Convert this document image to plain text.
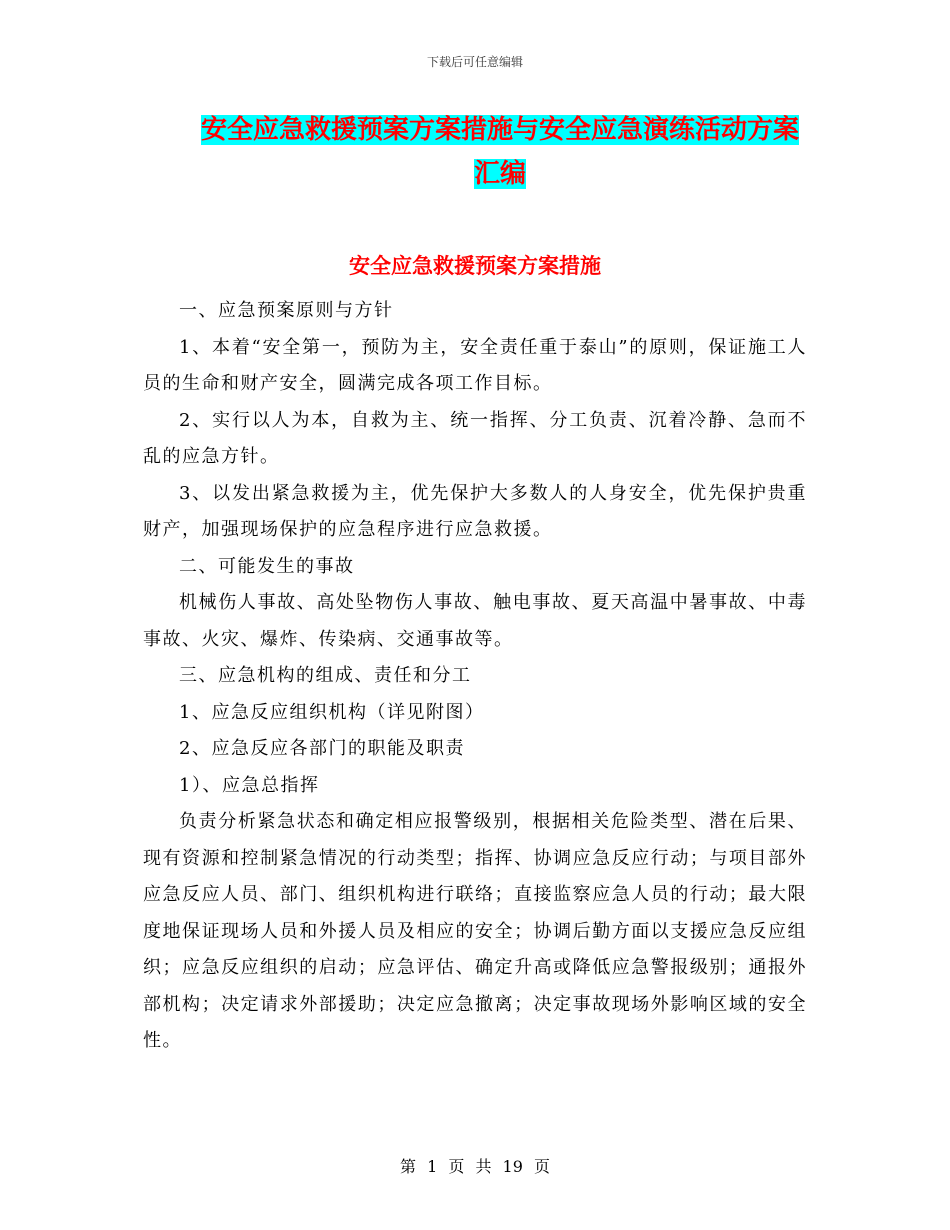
下载后可任意编辑
安全应急救援预案方案措施与安全应急演练活动方案
汇编
安全应急救援预案方案措施

一、应急预案原则与方针

1、本着“安全第一，预防为主，安全责任重于泰山”的原则，保证施工人员的生命和财产安全，圆满完成各项工作目标。

2、实行以人为本，自救为主、统一指挥、分工负责、沉着冷静、急而不乱的应急方针。

3、以发出紧急救援为主，优先保护大多数人的人身安全，优先保护贵重财产，加强现场保护的应急程序进行应急救援。

二、可能发生的事故

机械伤人事故、高处坠物伤人事故、触电事故、夏天高温中暑事故、中毒事故、火灾、爆炸、传染病、交通事故等。

三、应急机构的组成、责任和分工

1、应急反应组织机构（详见附图）

2、应急反应各部门的职能及职责

1）、应急总指挥

负责分析紧急状态和确定相应报警级别，根据相关危险类型、潜在后果、现有资源和控制紧急情况的行动类型；指挥、协调应急反应行动；与项目部外应急反应人员、部门、组织机构进行联络；直接监察应急人员的行动；最大限度地保证现场人员和外援人员及相应的安全；协调后勤方面以支援应急反应组织；应急反应组织的启动；应急评估、确定升高或降低应急警报级别；通报外部机构；决定请求外部援助；决定应急撤离；决定事故现场外影响区域的安全性。

第 1 页 共 19 页
